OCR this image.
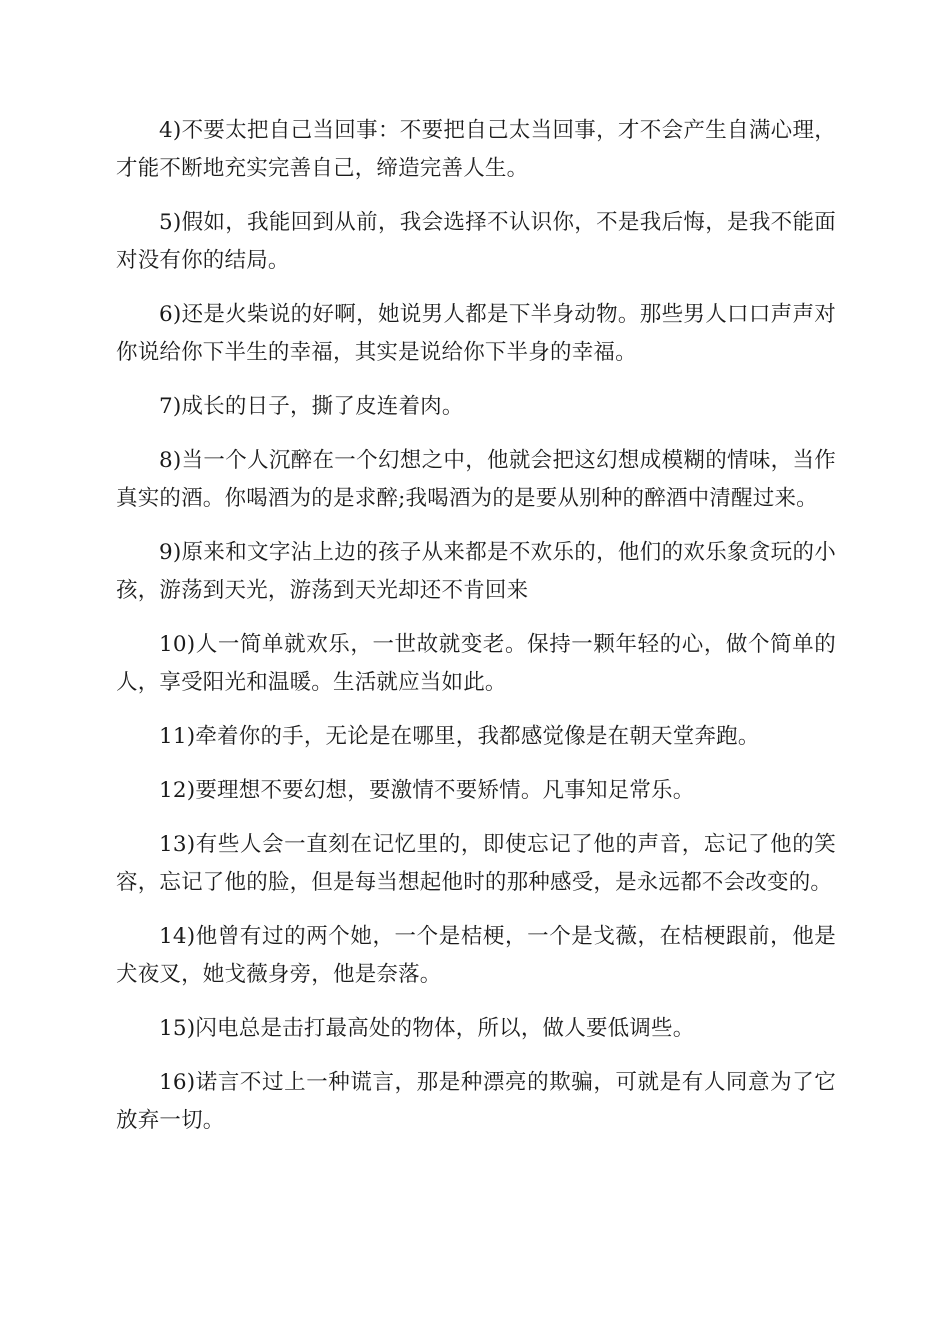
4)不要太把自己当回事：不要把自己太当回事，才不会产生自满心理，才能不断地充实完善自己，缔造完善人生。

5)假如，我能回到从前，我会选择不认识你，不是我后悔，是我不能面对没有你的结局。

6)还是火柴说的好啊，她说男人都是下半身动物。那些男人口口声声对你说给你下半生的幸福，其实是说给你下半身的幸福。

7)成长的日子，撕了皮连着肉。

8)当一个人沉醉在一个幻想之中，他就会把这幻想成模糊的情味，当作真实的酒。你喝酒为的是求醉;我喝酒为的是要从别种的醉酒中清醒过来。

9)原来和文字沾上边的孩子从来都是不欢乐的，他们的欢乐象贪玩的小孩，游荡到天光，游荡到天光却还不肯回来

10)人一简单就欢乐，一世故就变老。保持一颗年轻的心，做个简单的人，享受阳光和温暖。生活就应当如此。

11)牵着你的手，无论是在哪里，我都感觉像是在朝天堂奔跑。

12)要理想不要幻想，要激情不要矫情。凡事知足常乐。

13)有些人会一直刻在记忆里的，即使忘记了他的声音，忘记了他的笑容，忘记了他的脸，但是每当想起他时的那种感受，是永远都不会改变的。

14)他曾有过的两个她，一个是桔梗，一个是戈薇，在桔梗跟前，他是犬夜叉，她戈薇身旁，他是奈落。

15)闪电总是击打最高处的物体，所以，做人要低调些。

16)诺言不过上一种谎言，那是种漂亮的欺骗，可就是有人同意为了它放弃一切。
